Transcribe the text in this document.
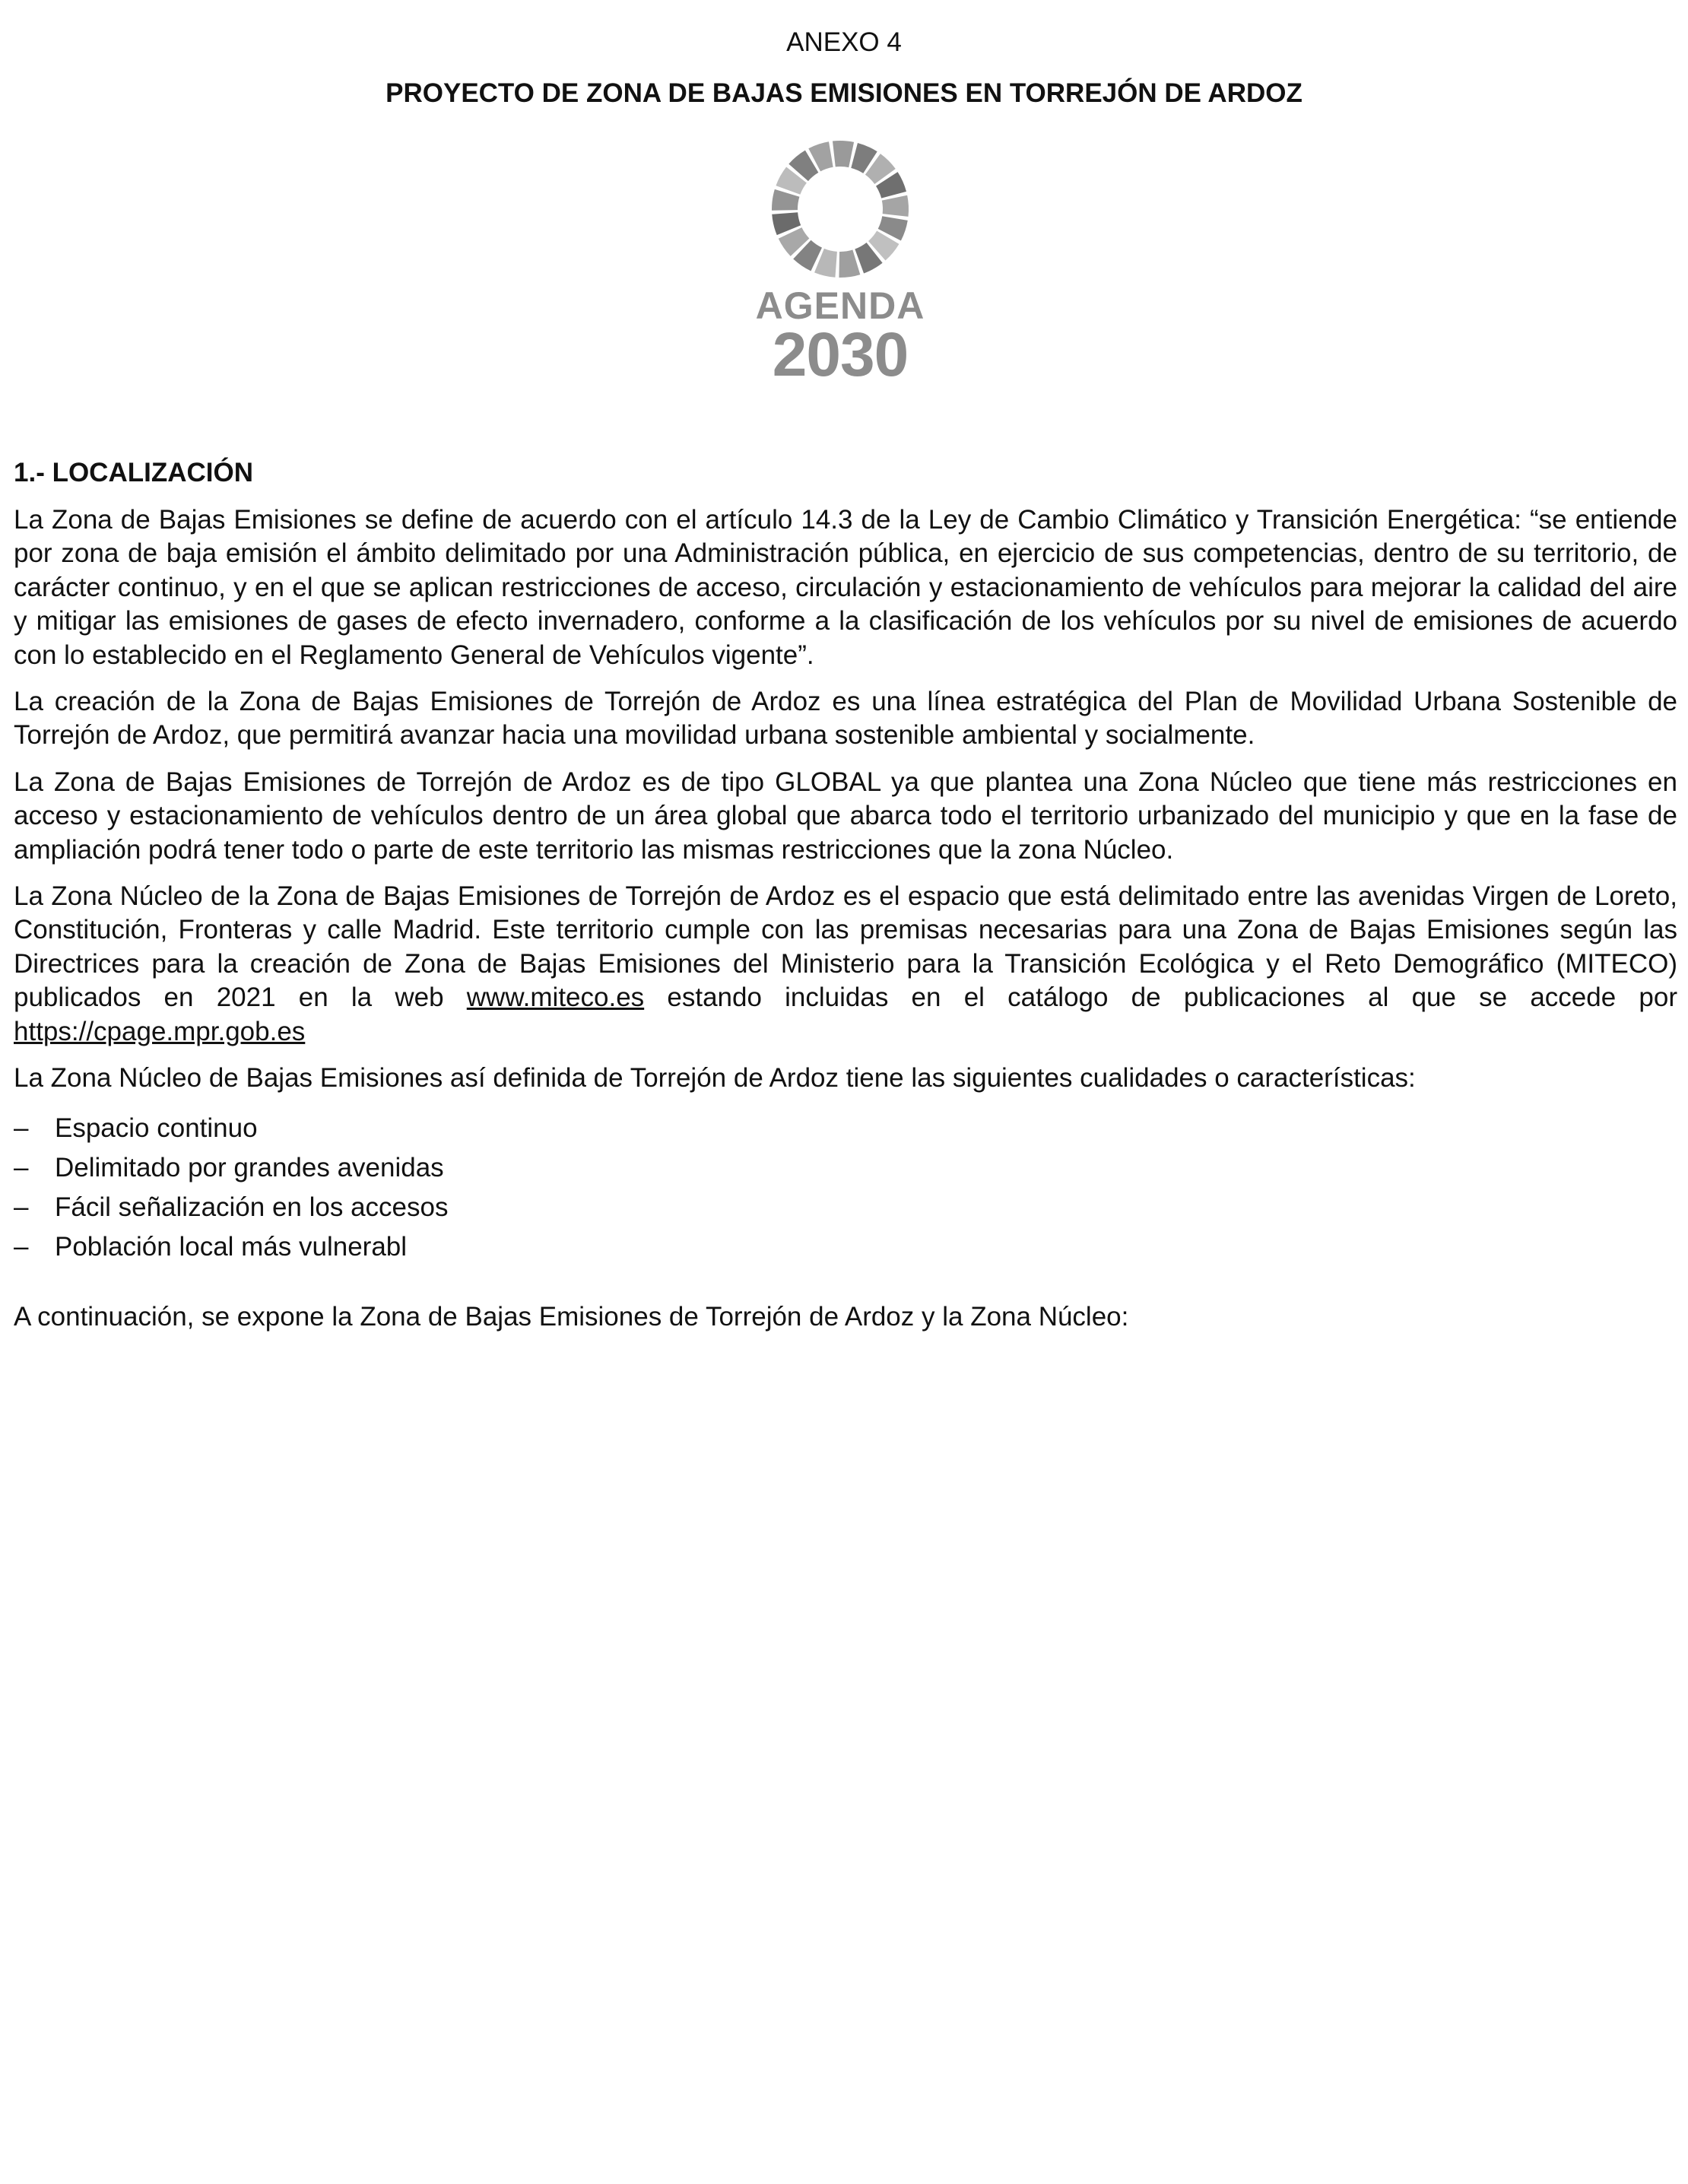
ANEXO 4
PROYECTO DE ZONA DE BAJAS EMISIONES EN TORREJÓN DE ARDOZ
AGENDA
2030
1.- LOCALIZACIÓN

La Zona de Bajas Emisiones se define de acuerdo con el artículo 14.3 de la Ley de Cambio Climático y Transición Energética: “se entiende por zona de baja emisión el ámbito delimitado por una Administración pública, en ejercicio de sus competencias, dentro de su territorio, de carácter continuo, y en el que se aplican restricciones de acceso, circulación y estacionamiento de vehículos para mejorar la calidad del aire y mitigar las emisiones de gases de efecto invernadero, conforme a la clasificación de los vehículos por su nivel de emisiones de acuerdo con lo establecido en el Reglamento General de Vehículos vigente”.

La creación de la Zona de Bajas Emisiones de Torrejón de Ardoz es una línea estratégica del Plan de Movilidad Urbana Sostenible de Torrejón de Ardoz, que permitirá avanzar hacia una movilidad urbana sostenible ambiental y socialmente.

La Zona de Bajas Emisiones de Torrejón de Ardoz es de tipo GLOBAL ya que plantea una Zona Núcleo que tiene más restricciones en acceso y estacionamiento de vehículos dentro de un área global que abarca todo el territorio urbanizado del municipio y que en la fase de ampliación podrá tener todo o parte de este territorio las mismas restricciones que la zona Núcleo.

La Zona Núcleo de la Zona de Bajas Emisiones de Torrejón de Ardoz es el espacio que está delimitado entre las avenidas Virgen de Loreto, Constitución, Fronteras y calle Madrid. Este territorio cumple con las premisas necesarias para una Zona de Bajas Emisiones según las Directrices para la creación de Zona de Bajas Emisiones del Ministerio para la Transición Ecológica y el Reto Demográfico (MITECO) publicados en 2021 en la web www.miteco.es estando incluidas en el catálogo de publicaciones al que se accede por https://cpage.mpr.gob.es

La Zona Núcleo de Bajas Emisiones así definida de Torrejón de Ardoz tiene las siguientes cualidades o características:

– Espacio continuo
– Delimitado por grandes avenidas
– Fácil señalización en los accesos
– Población local más vulnerabl

A continuación, se expone la Zona de Bajas Emisiones de Torrejón de Ardoz y la Zona Núcleo:
